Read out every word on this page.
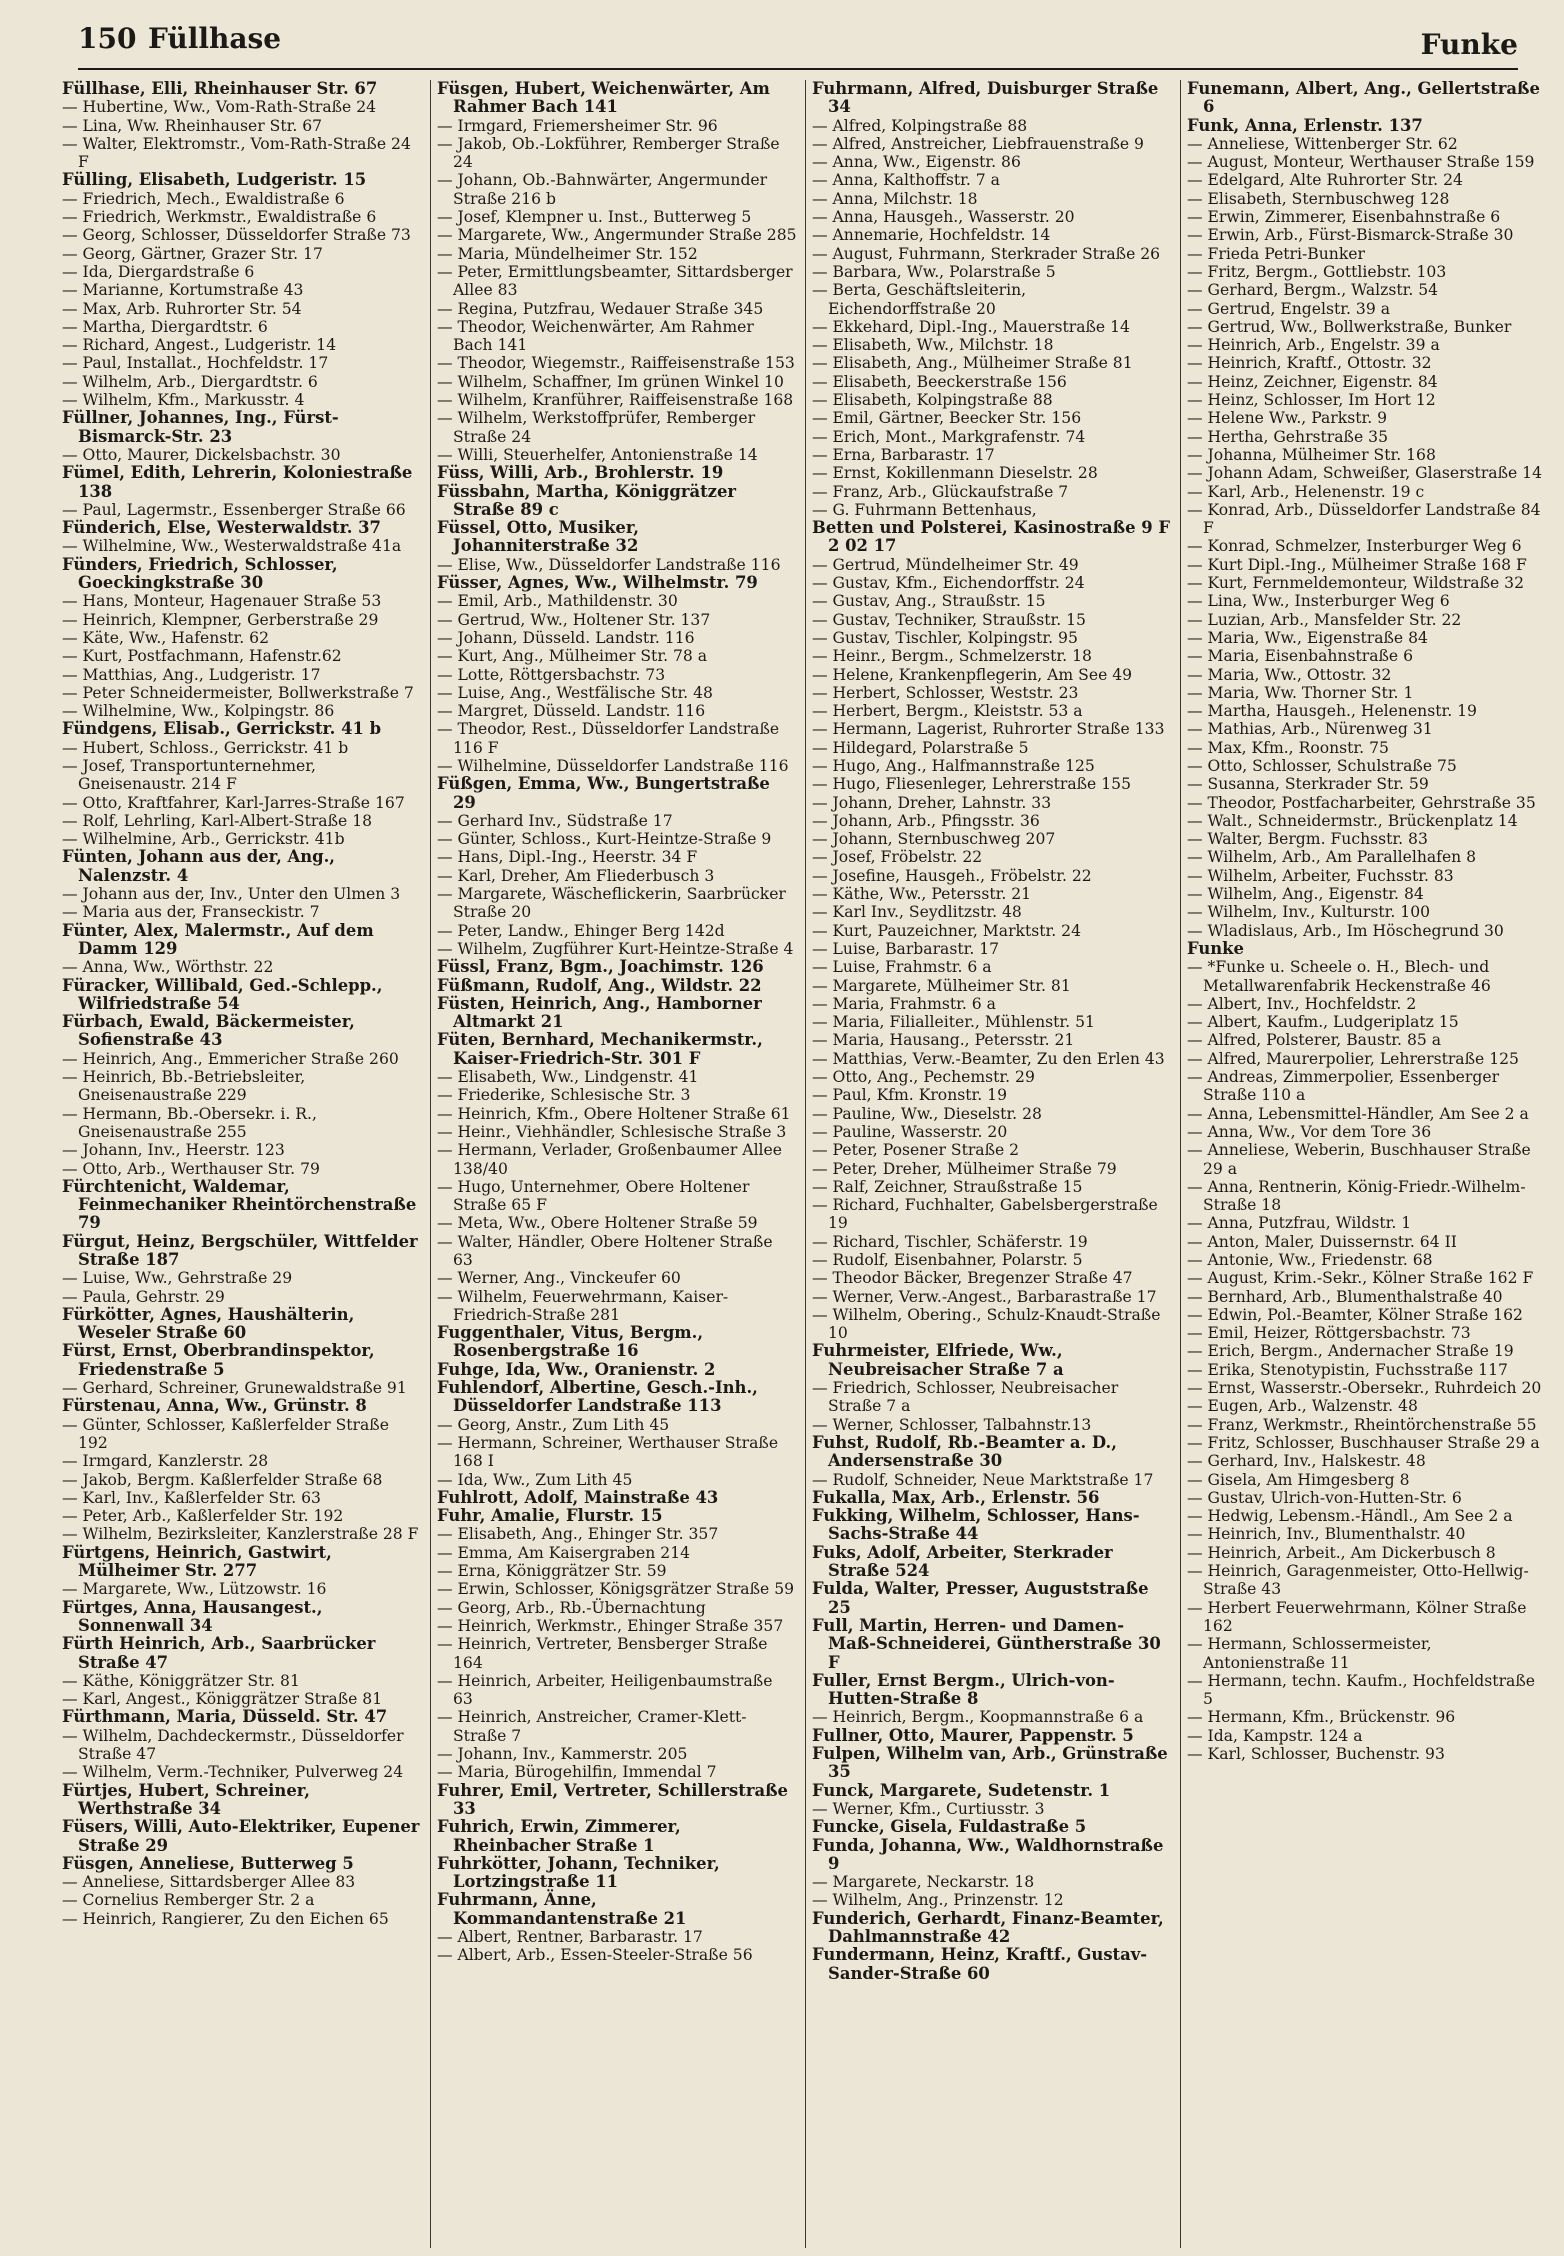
150 Füllhase	Funke

Füllhase, Elli, Rheinhauser Str. 67

— Hubertine, Ww., Vom-Rath-Straße 24

— Lina, Ww. Rheinhauser Str. 67

— Walter, Elektromstr., Vom-Rath-Straße 24 F

Fülling, Elisabeth, Ludgeristr. 15

— Friedrich, Mech., Ewaldistraße 6

— Friedrich, Werkmstr., Ewaldistraße 6

— Georg, Schlosser, Düsseldorfer Straße 73

— Georg, Gärtner, Grazer Str. 17

— Ida, Diergardstraße 6

— Marianne, Kortumstraße 43

— Max, Arb. Ruhrorter Str. 54

— Martha, Diergardtstr. 6

— Richard, Angest., Ludgeristr. 14

— Paul, Installat., Hochfeldstr. 17

— Wilhelm, Arb., Diergardtstr. 6

— Wilhelm, Kfm., Markusstr. 4

Füllner, Johannes, Ing., Fürst-Bismarck-Str. 23

— Otto, Maurer, Dickelsbachstr. 30

Fümel, Edith, Lehrerin, Koloniestraße 138

— Paul, Lagermstr., Essenberger Straße 66

Fünderich, Else, Westerwaldstr. 37

— Wilhelmine, Ww., Westerwaldstraße 41a

Fünders, Friedrich, Schlosser, Goeckingkstraße 30

— Hans, Monteur, Hagenauer Straße 53

— Heinrich, Klempner, Gerberstraße 29

— Käte, Ww., Hafenstr. 62

— Kurt, Postfachmann, Hafenstr.62

— Matthias, Ang., Ludgeristr. 17

— Peter Schneidermeister, Bollwerkstraße 7

— Wilhelmine, Ww., Kolpingstr. 86

Fündgens, Elisab., Gerrickstr. 41 b

— Hubert, Schloss., Gerrickstr. 41 b

— Josef, Transportunternehmer, Gneisenaustr. 214 F

— Otto, Kraftfahrer, Karl-Jarres-Straße 167

— Rolf, Lehrling, Karl-Albert-Straße 18

— Wilhelmine, Arb., Gerrickstr. 41b

Fünten, Johann aus der, Ang., Nalenzstr. 4

— Johann aus der, Inv., Unter den Ulmen 3

— Maria aus der, Franseckistr. 7

Fünter, Alex, Malermstr., Auf dem Damm 129

— Anna, Ww., Wörthstr. 22

Füracker, Willibald, Ged.-Schlepp., Wilfriedstraße 54

Fürbach, Ewald, Bäckermeister, Sofienstraße 43

— Heinrich, Ang., Emmericher Straße 260

— Heinrich, Bb.-Betriebsleiter, Gneisenaustraße 229

— Hermann, Bb.-Obersekr. i. R., Gneisenaustraße 255

— Johann, Inv., Heerstr. 123

— Otto, Arb., Werthauser Str. 79

Fürchtenicht, Waldemar, Feinmechaniker Rheintörchenstraße 79

Fürgut, Heinz, Bergschüler, Wittfelder Straße 187

— Luise, Ww., Gehrstraße 29

— Paula, Gehrstr. 29

Fürkötter, Agnes, Haushälterin, Weseler Straße 60

Fürst, Ernst, Oberbrandinspektor, Friedenstraße 5

— Gerhard, Schreiner, Grunewaldstraße 91

Fürstenau, Anna, Ww., Grünstr. 8

— Günter, Schlosser, Kaßlerfelder Straße 192

— Irmgard, Kanzlerstr. 28

— Jakob, Bergm. Kaßlerfelder Straße 68

— Karl, Inv., Kaßlerfelder Str. 63

— Peter, Arb., Kaßlerfelder Str. 192

— Wilhelm, Bezirksleiter, Kanzlerstraße 28 F

Fürtgens, Heinrich, Gastwirt, Mülheimer Str. 277

— Margarete, Ww., Lützowstr. 16

Fürtges, Anna, Hausangest., Sonnenwall 34

Fürth Heinrich, Arb., Saarbrücker Straße 47

— Käthe, Königgrätzer Str. 81

— Karl, Angest., Königgrätzer Straße 81

Fürthmann, Maria, Düsseld. Str. 47

— Wilhelm, Dachdeckermstr., Düsseldorfer Straße 47

— Wilhelm, Verm.-Techniker, Pulverweg 24

Fürtjes, Hubert, Schreiner, Werthstraße 34

Füsers, Willi, Auto-Elektriker, Eupener Straße 29

Füsgen, Anneliese, Butterweg 5

— Anneliese, Sittardsberger Allee 83

— Cornelius Remberger Str. 2 a

— Heinrich, Rangierer, Zu den Eichen 65

Füsgen, Hubert, Weichenwärter, Am Rahmer Bach 141

— Irmgard, Friemersheimer Str. 96

— Jakob, Ob.-Lokführer, Remberger Straße 24

— Johann, Ob.-Bahnwärter, Angermunder Straße 216 b

— Josef, Klempner u. Inst., Butterweg 5

— Margarete, Ww., Angermunder Straße 285

— Maria, Mündelheimer Str. 152

— Peter, Ermittlungsbeamter, Sittardsberger Allee 83

— Regina, Putzfrau, Wedauer Straße 345

— Theodor, Weichenwärter, Am Rahmer Bach 141

— Theodor, Wiegemstr., Raiffeisenstraße 153

— Wilhelm, Schaffner, Im grünen Winkel 10

— Wilhelm, Kranführer, Raiffeisenstraße 168

— Wilhelm, Werkstoffprüfer, Remberger Straße 24

— Willi, Steuerhelfer, Antonienstraße 14

Füss, Willi, Arb., Brohlerstr. 19

Füssbahn, Martha, Königgrätzer Straße 89 c

Füssel, Otto, Musiker, Johanniterstraße 32

— Elise, Ww., Düsseldorfer Landstraße 116

Füsser, Agnes, Ww., Wilhelmstr. 79

— Emil, Arb., Mathildenstr. 30

— Gertrud, Ww., Holtener Str. 137

— Johann, Düsseld. Landstr. 116

— Kurt, Ang., Mülheimer Str. 78 a

— Lotte, Röttgersbachstr. 73

— Luise, Ang., Westfälische Str. 48

— Margret, Düsseld. Landstr. 116

— Theodor, Rest., Düsseldorfer Landstraße 116 F

— Wilhelmine, Düsseldorfer Landstraße 116

Füßgen, Emma, Ww., Bungertstraße 29

— Gerhard Inv., Südstraße 17

— Günter, Schloss., Kurt-Heintze-Straße 9

— Hans, Dipl.-Ing., Heerstr. 34 F

— Karl, Dreher, Am Fliederbusch 3

— Margarete, Wäscheflickerin, Saarbrücker Straße 20

— Peter, Landw., Ehinger Berg 142d

— Wilhelm, Zugführer Kurt-Heintze-Straße 4

Füssl, Franz, Bgm., Joachimstr. 126

Füßmann, Rudolf, Ang., Wildstr. 22

Füsten, Heinrich, Ang., Hamborner Altmarkt 21

Füten, Bernhard, Mechanikermstr., Kaiser-Friedrich-Str. 301 F

— Elisabeth, Ww., Lindgenstr. 41

— Friederike, Schlesische Str. 3

— Heinrich, Kfm., Obere Holtener Straße 61

— Heinr., Viehhändler, Schlesische Straße 3

— Hermann, Verlader, Großenbaumer Allee 138/40

— Hugo, Unternehmer, Obere Holtener Straße 65 F

— Meta, Ww., Obere Holtener Straße 59

— Walter, Händler, Obere Holtener Straße 63

— Werner, Ang., Vinckeufer 60

— Wilhelm, Feuerwehrmann, Kaiser-Friedrich-Straße 281

Fuggenthaler, Vitus, Bergm., Rosenbergstraße 16

Fuhge, Ida, Ww., Oranienstr. 2

Fuhlendorf, Albertine, Gesch.-Inh., Düsseldorfer Landstraße 113

— Georg, Anstr., Zum Lith 45

— Hermann, Schreiner, Werthauser Straße 168 I

— Ida, Ww., Zum Lith 45

Fuhlrott, Adolf, Mainstraße 43

Fuhr, Amalie, Flurstr. 15

— Elisabeth, Ang., Ehinger Str. 357

— Emma, Am Kaisergraben 214

— Erna, Königgrätzer Str. 59

— Erwin, Schlosser, Königsgrätzer Straße 59

— Georg, Arb., Rb.-Übernachtung

— Heinrich, Werkmstr., Ehinger Straße 357

— Heinrich, Vertreter, Bensberger Straße 164

— Heinrich, Arbeiter, Heiligenbaumstraße 63

— Heinrich, Anstreicher, Cramer-Klett-Straße 7

— Johann, Inv., Kammerstr. 205

— Maria, Bürogehilfin, Immendal 7

Fuhrer, Emil, Vertreter, Schillerstraße 33

Fuhrich, Erwin, Zimmerer, Rheinbacher Straße 1

Fuhrkötter, Johann, Techniker, Lortzingstraße 11

Fuhrmann, Änne, Kommandantenstraße 21

— Albert, Rentner, Barbarastr. 17

— Albert, Arb., Essen-Steeler-Straße 56

Fuhrmann, Alfred, Duisburger Straße 34

— Alfred, Kolpingstraße 88

— Alfred, Anstreicher, Liebfrauenstraße 9

— Anna, Ww., Eigenstr. 86

— Anna, Kalthoffstr. 7 a

— Anna, Milchstr. 18

— Anna, Hausgeh., Wasserstr. 20

— Annemarie, Hochfeldstr. 14

— August, Fuhrmann, Sterkrader Straße 26

— Barbara, Ww., Polarstraße 5

— Berta, Geschäftsleiterin, Eichendorffstraße 20

— Ekkehard, Dipl.-Ing., Mauerstraße 14

— Elisabeth, Ww., Milchstr. 18

— Elisabeth, Ang., Mülheimer Straße 81

— Elisabeth, Beeckerstraße 156

— Elisabeth, Kolpingstraße 88

— Emil, Gärtner, Beecker Str. 156

— Erich, Mont., Markgrafenstr. 74

— Erna, Barbarastr. 17

— Ernst, Kokillenmann Dieselstr. 28

— Franz, Arb., Glückaufstraße 7

— G. Fuhrmann Bettenhaus,

Betten und Polsterei, Kasinostraße 9 F 2 02 17

— Gertrud, Mündelheimer Str. 49

— Gustav, Kfm., Eichendorffstr. 24

— Gustav, Ang., Straußstr. 15

— Gustav, Techniker, Straußstr. 15

— Gustav, Tischler, Kolpingstr. 95

— Heinr., Bergm., Schmelzerstr. 18

— Helene, Krankenpflegerin, Am See 49

— Herbert, Schlosser, Weststr. 23

— Herbert, Bergm., Kleiststr. 53 a

— Hermann, Lagerist, Ruhrorter Straße 133

— Hildegard, Polarstraße 5

— Hugo, Ang., Halfmannstraße 125

— Hugo, Fliesenleger, Lehrerstraße 155

— Johann, Dreher, Lahnstr. 33

— Johann, Arb., Pfingsstr. 36

— Johann, Sternbuschweg 207

— Josef, Fröbelstr. 22

— Josefine, Hausgeh., Fröbelstr. 22

— Käthe, Ww., Petersstr. 21

— Karl Inv., Seydlitzstr. 48

— Kurt, Pauzeichner, Marktstr. 24

— Luise, Barbarastr. 17

— Luise, Frahmstr. 6 a

— Margarete, Mülheimer Str. 81

— Maria, Frahmstr. 6 a

— Maria, Filialleiter., Mühlenstr. 51

— Maria, Hausang., Petersstr. 21

— Matthias, Verw.-Beamter, Zu den Erlen 43

— Otto, Ang., Pechemstr. 29

— Paul, Kfm. Kronstr. 19

— Pauline, Ww., Dieselstr. 28

— Pauline, Wasserstr. 20

— Peter, Posener Straße 2

— Peter, Dreher, Mülheimer Straße 79

— Ralf, Zeichner, Straußstraße 15

— Richard, Fuchhalter, Gabelsbergerstraße 19

— Richard, Tischler, Schäferstr. 19

— Rudolf, Eisenbahner, Polarstr. 5

— Theodor Bäcker, Bregenzer Straße 47

— Werner, Verw.-Angest., Barbarastraße 17

— Wilhelm, Obering., Schulz-Knaudt-Straße 10

Fuhrmeister, Elfriede, Ww., Neubreisacher Straße 7 a

— Friedrich, Schlosser, Neubreisacher Straße 7 a

— Werner, Schlosser, Talbahnstr.13

Fuhst, Rudolf, Rb.-Beamter a. D., Andersenstraße 30

— Rudolf, Schneider, Neue Marktstraße 17

Fukalla, Max, Arb., Erlenstr. 56

Fukking, Wilhelm, Schlosser, Hans-Sachs-Straße 44

Fuks, Adolf, Arbeiter, Sterkrader Straße 524

Fulda, Walter, Presser, Auguststraße 25

Full, Martin, Herren- und Damen-Maß-Schneiderei, Güntherstraße 30 F

Fuller, Ernst Bergm., Ulrich-von-Hutten-Straße 8

— Heinrich, Bergm., Koopmannstraße 6 a

Fullner, Otto, Maurer, Pappenstr. 5

Fulpen, Wilhelm van, Arb., Grünstraße 35

Funck, Margarete, Sudetenstr. 1

— Werner, Kfm., Curtiusstr. 3

Funcke, Gisela, Fuldastraße 5

Funda, Johanna, Ww., Waldhornstraße 9

— Margarete, Neckarstr. 18

— Wilhelm, Ang., Prinzenstr. 12

Funderich, Gerhardt, Finanz-Beamter, Dahlmannstraße 42

Fundermann, Heinz, Kraftf., Gustav-Sander-Straße 60

Funemann, Albert, Ang., Gellertstraße 6

Funk, Anna, Erlenstr. 137

— Anneliese, Wittenberger Str. 62

— August, Monteur, Werthauser Straße 159

— Edelgard, Alte Ruhrorter Str. 24

— Elisabeth, Sternbuschweg 128

— Erwin, Zimmerer, Eisenbahnstraße 6

— Erwin, Arb., Fürst-Bismarck-Straße 30

— Frieda Petri-Bunker

— Fritz, Bergm., Gottliebstr. 103

— Gerhard, Bergm., Walzstr. 54

— Gertrud, Engelstr. 39 a

— Gertrud, Ww., Bollwerkstraße, Bunker

— Heinrich, Arb., Engelstr. 39 a

— Heinrich, Kraftf., Ottostr. 32

— Heinz, Zeichner, Eigenstr. 84

— Heinz, Schlosser, Im Hort 12

— Helene Ww., Parkstr. 9

— Hertha, Gehrstraße 35

— Johanna, Mülheimer Str. 168

— Johann Adam, Schweißer, Glaserstraße 14

— Karl, Arb., Helenenstr. 19 c

— Konrad, Arb., Düsseldorfer Landstraße 84 F

— Konrad, Schmelzer, Insterburger Weg 6

— Kurt Dipl.-Ing., Mülheimer Straße 168 F

— Kurt, Fernmeldemonteur, Wildstraße 32

— Lina, Ww., Insterburger Weg 6

— Luzian, Arb., Mansfelder Str. 22

— Maria, Ww., Eigenstraße 84

— Maria, Eisenbahnstraße 6

— Maria, Ww., Ottostr. 32

— Maria, Ww. Thorner Str. 1

— Martha, Hausgeh., Helenenstr. 19

— Mathias, Arb., Nürenweg 31

— Max, Kfm., Roonstr. 75

— Otto, Schlosser, Schulstraße 75

— Susanna, Sterkrader Str. 59

— Theodor, Postfacharbeiter, Gehrstraße 35

— Walt., Schneidermstr., Brückenplatz 14

— Walter, Bergm. Fuchsstr. 83

— Wilhelm, Arb., Am Parallelhafen 8

— Wilhelm, Arbeiter, Fuchsstr. 83

— Wilhelm, Ang., Eigenstr. 84

— Wilhelm, Inv., Kulturstr. 100

— Wladislaus, Arb., Im Höschegrund 30

Funke

— *Funke u. Scheele o. H., Blech- und Metallwarenfabrik Heckenstraße 46

— Albert, Inv., Hochfeldstr. 2

— Albert, Kaufm., Ludgeriplatz 15

— Alfred, Polsterer, Baustr. 85 a

— Alfred, Maurerpolier, Lehrerstraße 125

— Andreas, Zimmerpolier, Essenberger Straße 110 a

— Anna, Lebensmittel-Händler, Am See 2 a

— Anna, Ww., Vor dem Tore 36

— Anneliese, Weberin, Buschhauser Straße 29 a

— Anna, Rentnerin, König-Friedr.-Wilhelm-Straße 18

— Anna, Putzfrau, Wildstr. 1

— Anton, Maler, Duissernstr. 64 II

— Antonie, Ww., Friedenstr. 68

— August, Krim.-Sekr., Kölner Straße 162 F

— Bernhard, Arb., Blumenthalstraße 40

— Edwin, Pol.-Beamter, Kölner Straße 162

— Emil, Heizer, Röttgersbachstr. 73

— Erich, Bergm., Andernacher Straße 19

— Erika, Stenotypistin, Fuchsstraße 117

— Ernst, Wasserstr.-Obersekr., Ruhrdeich 20

— Eugen, Arb., Walzenstr. 48

— Franz, Werkmstr., Rheintörchenstraße 55

— Fritz, Schlosser, Buschhauser Straße 29 a

— Gerhard, Inv., Halskestr. 48

— Gisela, Am Himgesberg 8

— Gustav, Ulrich-von-Hutten-Str. 6

— Hedwig, Lebensm.-Händl., Am See 2 a

— Heinrich, Inv., Blumenthalstr. 40

— Heinrich, Arbeit., Am Dickerbusch 8

— Heinrich, Garagenmeister, Otto-Hellwig-Straße 43

— Herbert Feuerwehrmann, Kölner Straße 162

— Hermann, Schlossermeister, Antonienstraße 11

— Hermann, techn. Kaufm., Hochfeldstraße 5

— Hermann, Kfm., Brückenstr. 96

— Ida, Kampstr. 124 a

— Karl, Schlosser, Buchenstr. 93
